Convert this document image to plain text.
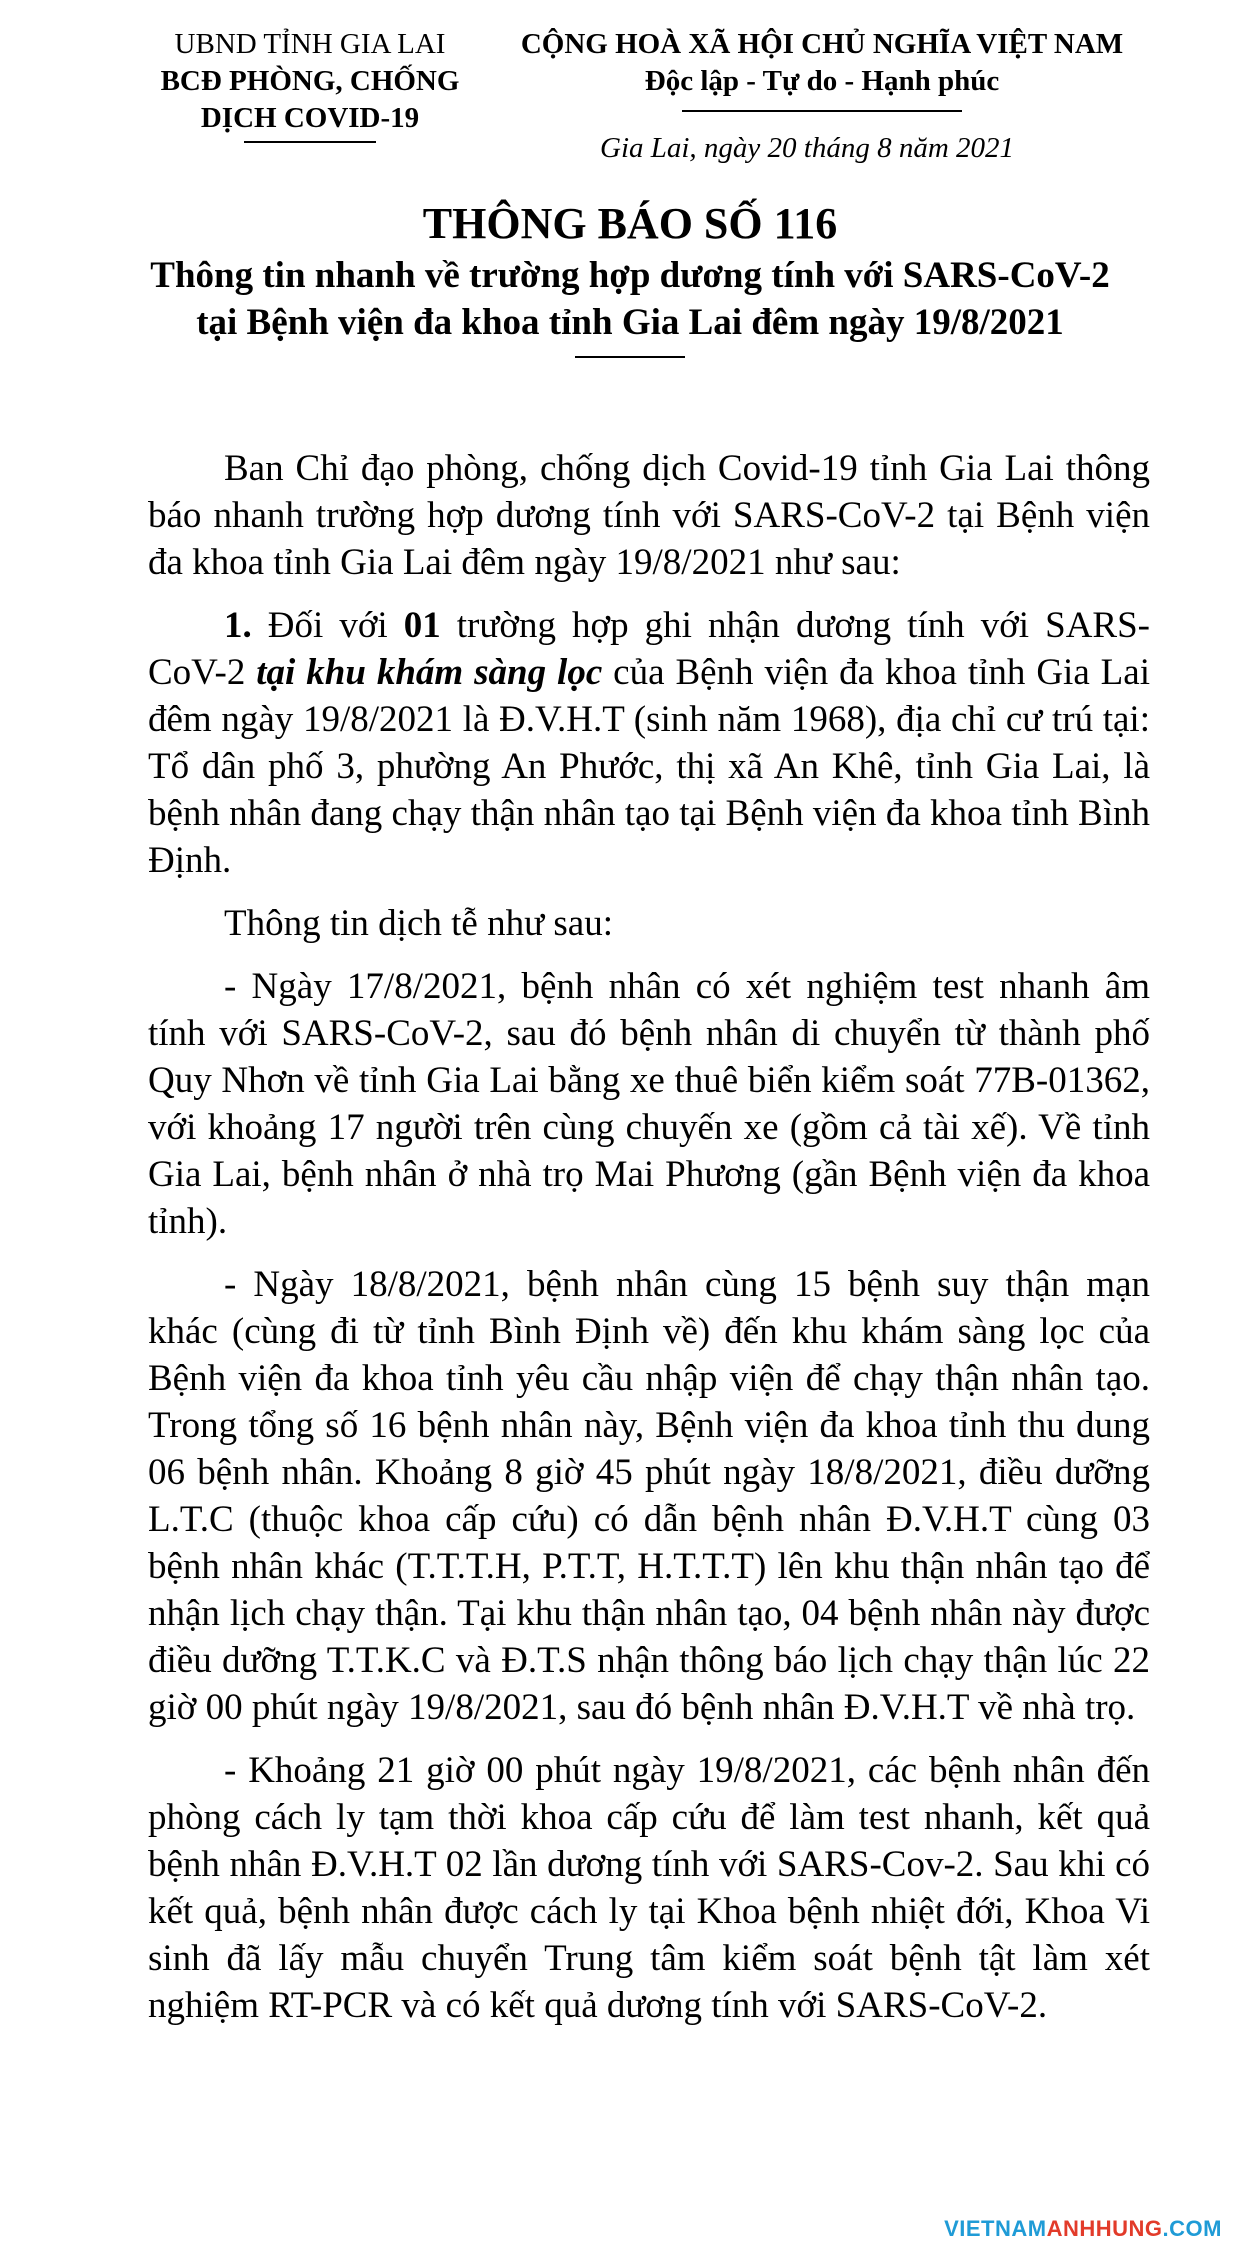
UBND TỈNH GIA LAI
BCĐ PHÒNG, CHỐNG
DỊCH COVID-19
CỘNG HOÀ XÃ HỘI CHỦ NGHĨA VIỆT NAM
Độc lập - Tự do - Hạnh phúc
Gia Lai, ngày 20 tháng 8 năm 2021
THÔNG BÁO SỐ 116
Thông tin nhanh về trường hợp dương tính với SARS-CoV-2
tại Bệnh viện đa khoa tỉnh Gia Lai đêm ngày 19/8/2021

Ban Chỉ đạo phòng, chống dịch Covid-19 tỉnh Gia Lai thông báo nhanh trường hợp dương tính với SARS-CoV-2 tại Bệnh viện đa khoa tỉnh Gia Lai đêm ngày 19/8/2021 như sau:

1. Đối với 01 trường hợp ghi nhận dương tính với SARS-CoV-2 tại khu khám sàng lọc của Bệnh viện đa khoa tỉnh Gia Lai đêm ngày 19/8/2021 là Đ.V.H.T (sinh năm 1968), địa chỉ cư trú tại: Tổ dân phố 3, phường An Phước, thị xã An Khê, tỉnh Gia Lai, là bệnh nhân đang chạy thận nhân tạo tại Bệnh viện đa khoa tỉnh Bình Định.

Thông tin dịch tễ như sau:

- Ngày 17/8/2021, bệnh nhân có xét nghiệm test nhanh âm tính với SARS-CoV-2, sau đó bệnh nhân di chuyển từ thành phố Quy Nhơn về tỉnh Gia Lai bằng xe thuê biển kiểm soát 77B-01362, với khoảng 17 người trên cùng chuyến xe (gồm cả tài xế). Về tỉnh Gia Lai, bệnh nhân ở nhà trọ Mai Phương (gần Bệnh viện đa khoa tỉnh).

- Ngày 18/8/2021, bệnh nhân cùng 15 bệnh suy thận mạn khác (cùng đi từ tỉnh Bình Định về) đến khu khám sàng lọc của Bệnh viện đa khoa tỉnh yêu cầu nhập viện để chạy thận nhân tạo. Trong tổng số 16 bệnh nhân này, Bệnh viện đa khoa tỉnh thu dung 06 bệnh nhân. Khoảng 8 giờ 45 phút ngày 18/8/2021, điều dưỡng L.T.C (thuộc khoa cấp cứu) có dẫn bệnh nhân Đ.V.H.T cùng 03 bệnh nhân khác (T.T.T.H, P.T.T, H.T.T.T) lên khu thận nhân tạo để nhận lịch chạy thận. Tại khu thận nhân tạo, 04 bệnh nhân này được điều dưỡng T.T.K.C và Đ.T.S nhận thông báo lịch chạy thận lúc 22 giờ 00 phút ngày 19/8/2021, sau đó bệnh nhân Đ.V.H.T về nhà trọ.

- Khoảng 21 giờ 00 phút ngày 19/8/2021, các bệnh nhân đến phòng cách ly tạm thời khoa cấp cứu để làm test nhanh, kết quả bệnh nhân Đ.V.H.T 02 lần dương tính với SARS-Cov-2. Sau khi có kết quả, bệnh nhân được cách ly tại Khoa bệnh nhiệt đới, Khoa Vi sinh đã lấy mẫu chuyển Trung tâm kiểm soát bệnh tật làm xét nghiệm RT-PCR và có kết quả dương tính với SARS-CoV-2.

VIETNAMANHHUNG.COM
